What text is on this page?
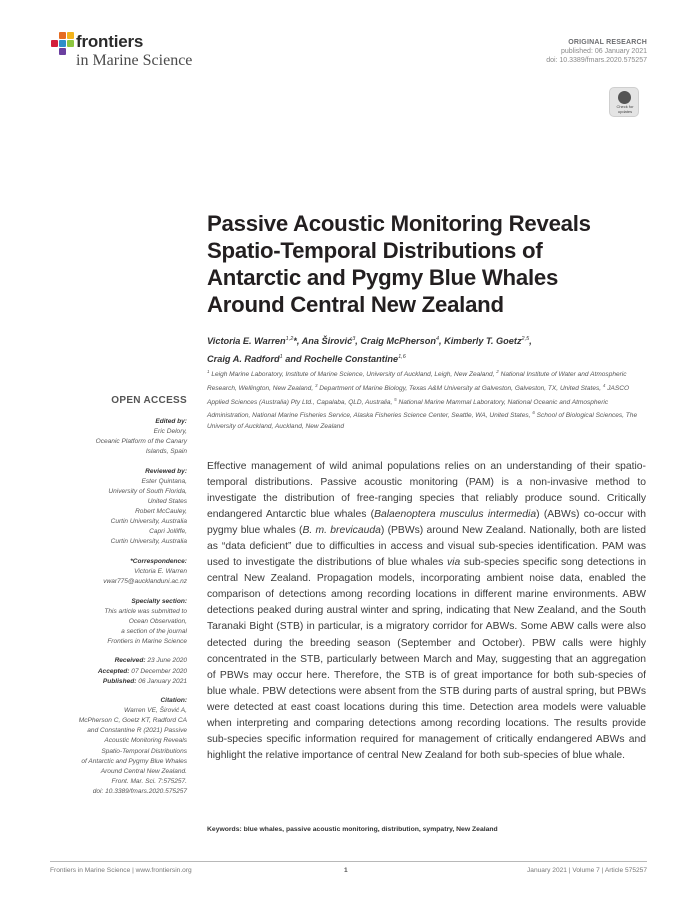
frontiers
in Marine Science
ORIGINAL RESEARCH
published: 06 January 2021
doi: 10.3389/fmars.2020.575257
Check for
updates
Passive Acoustic Monitoring Reveals
Spatio-Temporal Distributions of
Antarctic and Pygmy Blue Whales
Around Central New Zealand
Victoria E. Warren$^{1,2}$*, Ana Širović$^3$, Craig McPherson$^4$, Kimberly T. Goetz$^{2,5}$,
Craig A. Radford$^1$ and Rochelle Constantine$^{1,6}$
$^1$ Leigh Marine Laboratory, Institute of Marine Science, University of Auckland, Leigh, New Zealand, $^2$ National Institute of Water and Atmospheric Research, Wellington, New Zealand, $^3$ Department of Marine Biology, Texas A&M University at Galveston, Galveston, TX, United States, $^4$ JASCO Applied Sciences (Australia) Pty Ltd., Capalaba, QLD, Australia, $^5$ National Marine Mammal Laboratory, National Oceanic and Atmospheric Administration, National Marine Fisheries Service, Alaska Fisheries Science Center, Seattle, WA, United States, $^6$ School of Biological Sciences, The University of Auckland, Auckland, New Zealand
OPEN ACCESS
Edited by:
Eric Delory,
Oceanic Platform of the Canary
Islands, Spain
Reviewed by:
Ester Quintana,
University of South Florida,
United States
Robert McCauley,
Curtin University, Australia
Capri Jolliffe,
Curtin University, Australia
*Correspondence:
Victoria E. Warren
vwar775@aucklanduni.ac.nz
Specialty section:
This article was submitted to
Ocean Observation,
a section of the journal
Frontiers in Marine Science
Received: 23 June 2020
Accepted: 07 December 2020
Published: 06 January 2021
Citation:
Warren VE, Širović A,
McPherson C, Goetz KT, Radford CA
and Constantine R (2021) Passive
Acoustic Monitoring Reveals
Spatio-Temporal Distributions
of Antarctic and Pygmy Blue Whales
Around Central New Zealand.
Front. Mar. Sci. 7:575257.
doi: 10.3389/fmars.2020.575257
Effective management of wild animal populations relies on an understanding of their spatio-temporal distributions. Passive acoustic monitoring (PAM) is a non-invasive method to investigate the distribution of free-ranging species that reliably produce sound. Critically endangered Antarctic blue whales (Balaenoptera musculus intermedia) (ABWs) co-occur with pygmy blue whales (B. m. brevicauda) (PBWs) around New Zealand. Nationally, both are listed as “data deficient” due to difficulties in access and visual sub-species identification. PAM was used to investigate the distributions of blue whales via sub-species specific song detections in central New Zealand. Propagation models, incorporating ambient noise data, enabled the comparison of detections among recording locations in different marine environments. ABW detections peaked during austral winter and spring, indicating that New Zealand, and the South Taranaki Bight (STB) in particular, is a migratory corridor for ABWs. Some ABW calls were also detected during the breeding season (September and October). PBW calls were highly concentrated in the STB, particularly between March and May, suggesting that an aggregation of PBWs may occur here. Therefore, the STB is of great importance for both sub-species of blue whale. PBW detections were absent from the STB during parts of austral spring, but PBWs were detected at east coast locations during this time. Detection area models were valuable when interpreting and comparing detections among recording locations. The results provide sub-species specific information required for management of critically endangered ABWs and highlight the relative importance of central New Zealand for both sub-species of blue whale.
Keywords: blue whales, passive acoustic monitoring, distribution, sympatry, New Zealand
Frontiers in Marine Science | www.frontiersin.org	1	January 2021 | Volume 7 | Article 575257
